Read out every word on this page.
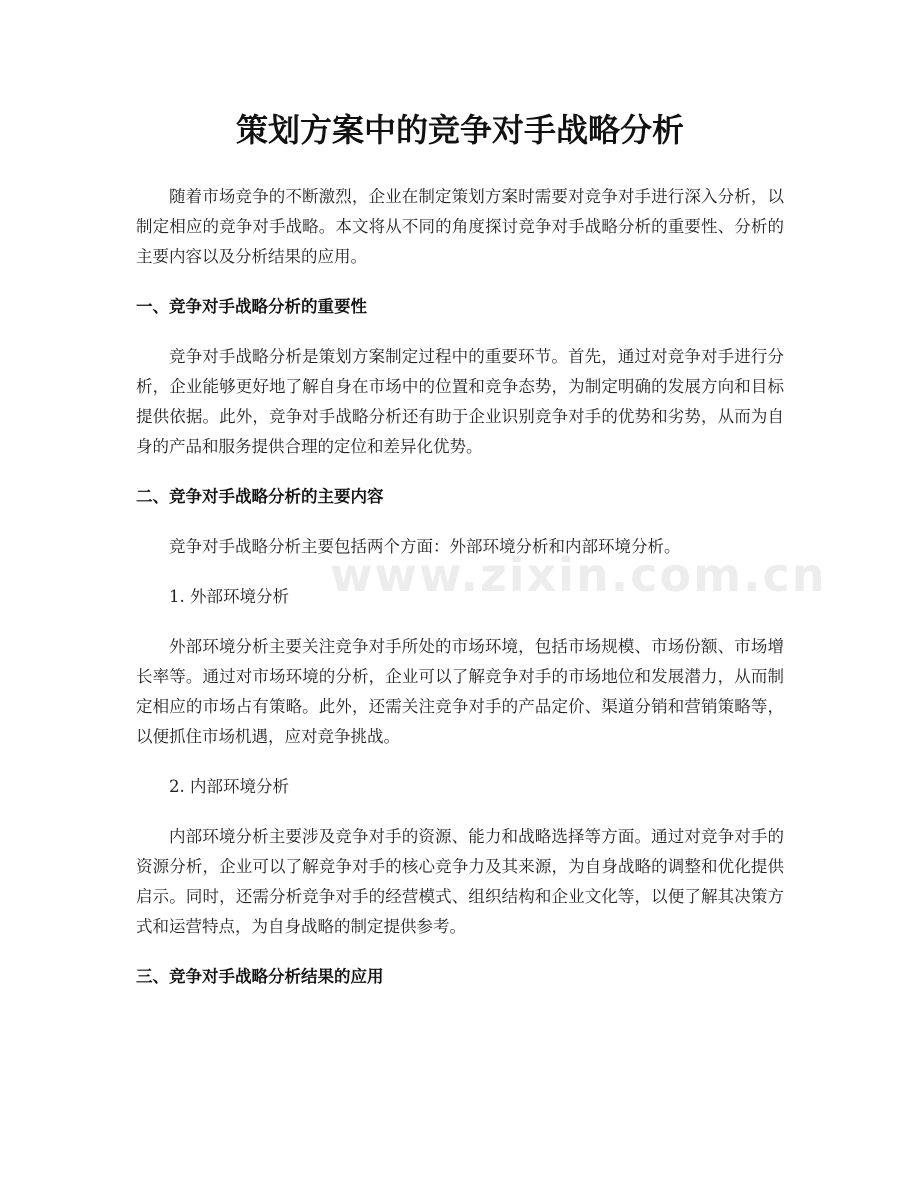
策划方案中的竞争对手战略分析
www.zixin.com.cn

随着市场竞争的不断激烈，企业在制定策划方案时需要对竞争对手进行深入分析，以制定相应的竞争对手战略。本文将从不同的角度探讨竞争对手战略分析的重要性、分析的主要内容以及分析结果的应用。

一、竞争对手战略分析的重要性

竞争对手战略分析是策划方案制定过程中的重要环节。首先，通过对竞争对手进行分析，企业能够更好地了解自身在市场中的位置和竞争态势，为制定明确的发展方向和目标提供依据。此外，竞争对手战略分析还有助于企业识别竞争对手的优势和劣势，从而为自身的产品和服务提供合理的定位和差异化优势。

二、竞争对手战略分析的主要内容

竞争对手战略分析主要包括两个方面：外部环境分析和内部环境分析。

1. 外部环境分析

外部环境分析主要关注竞争对手所处的市场环境，包括市场规模、市场份额、市场增长率等。通过对市场环境的分析，企业可以了解竞争对手的市场地位和发展潜力，从而制定相应的市场占有策略。此外，还需关注竞争对手的产品定价、渠道分销和营销策略等，以便抓住市场机遇，应对竞争挑战。

2. 内部环境分析

内部环境分析主要涉及竞争对手的资源、能力和战略选择等方面。通过对竞争对手的资源分析，企业可以了解竞争对手的核心竞争力及其来源，为自身战略的调整和优化提供启示。同时，还需分析竞争对手的经营模式、组织结构和企业文化等，以便了解其决策方式和运营特点，为自身战略的制定提供参考。

三、竞争对手战略分析结果的应用
